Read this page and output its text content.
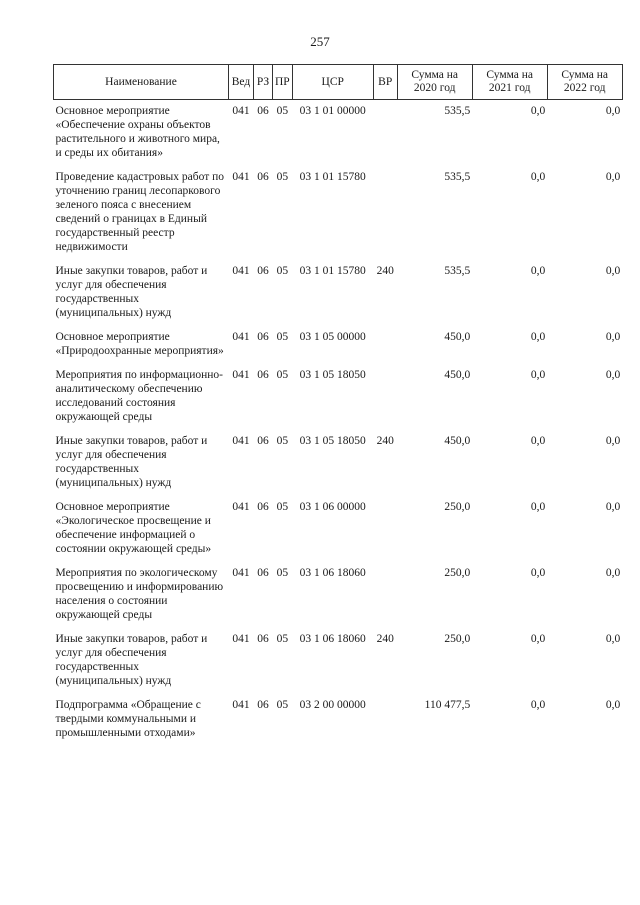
257
Наименование	Вед	РЗ	ПР	ЦСР	ВР	Сумма на 2020 год	Сумма на 2021 год	Сумма на 2022 год
Основное мероприятие «Обеспечение охраны объектов растительного и животного мира, и среды их обитания»	041	06	05	03 1 01 00000		535,5	0,0	0,0
Проведение кадастровых работ по уточнению границ лесопаркового зеленого пояса с внесением сведений о границах в Единый государственный реестр недвижимости	041	06	05	03 1 01 15780		535,5	0,0	0,0
Иные закупки товаров, работ и услуг для обеспечения государственных (муниципальных) нужд	041	06	05	03 1 01 15780	240	535,5	0,0	0,0
Основное мероприятие «Природоохранные мероприятия»	041	06	05	03 1 05 00000		450,0	0,0	0,0
Мероприятия по информационно-аналитическому обеспечению исследований состояния окружающей среды	041	06	05	03 1 05 18050		450,0	0,0	0,0
Иные закупки товаров, работ и услуг для обеспечения государственных (муниципальных) нужд	041	06	05	03 1 05 18050	240	450,0	0,0	0,0
Основное мероприятие «Экологическое просвещение и обеспечение информацией о состоянии окружающей среды»	041	06	05	03 1 06 00000		250,0	0,0	0,0
Мероприятия по экологическому просвещению и информированию населения о состоянии окружающей среды	041	06	05	03 1 06 18060		250,0	0,0	0,0
Иные закупки товаров, работ и услуг для обеспечения государственных (муниципальных) нужд	041	06	05	03 1 06 18060	240	250,0	0,0	0,0
Подпрограмма «Обращение с твердыми коммунальными и промышленными отходами»	041	06	05	03 2 00 00000		110 477,5	0,0	0,0
